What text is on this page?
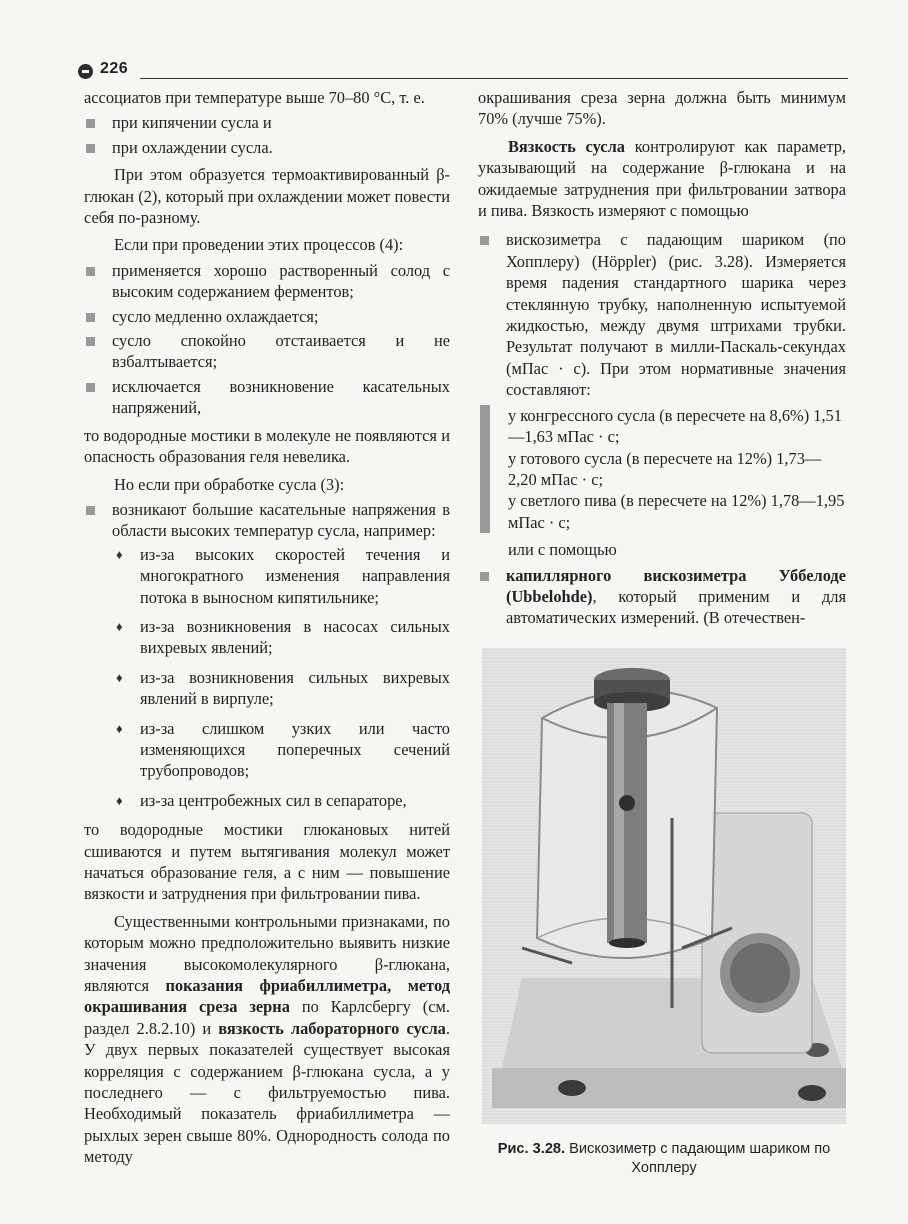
226

ассоциатов при температуре выше 70–80 °С, т. е.

при кипячении сусла и
при охлаждении сусла.

При этом образуется термоактивированный β-глюкан (2), который при охлаждении может повести себя по-разному.

Если при проведении этих процессов (4):

применяется хорошо растворенный солод с высоким содержанием ферментов;
сусло медленно охлаждается;
сусло спокойно отстаивается и не взбалтывается;
исключается возникновение касательных напряжений,

то водородные мостики в молекуле не появляются и опасность образования геля невелика.

Но если при обработке сусла (3):

возникают большие касательные напряжения в области высоких температур сусла, например:
♦ из-за высоких скоростей течения и многократного изменения направления потока в выносном кипятильнике;
♦ из-за возникновения в насосах сильных вихревых явлений;
♦ из-за возникновения сильных вихревых явлений в вирпуле;
♦ из-за слишком узких или часто изменяющихся поперечных сечений трубопроводов;
♦ из-за центробежных сил в сепараторе,

то водородные мостики глюкановых нитей сшиваются и путем вытягивания молекул может начаться образование геля, а с ним — повышение вязкости и затруднения при фильтровании пива.

Существенными контрольными признаками, по которым можно предположительно выявить низкие значения высокомолекулярного β-глюкана, являются показания фриабиллиметра, метод окрашивания среза зерна по Карлсбергу (см. раздел 2.8.2.10) и вязкость лабораторного сусла. У двух первых показателей существует высокая корреляция с содержанием β-глюкана сусла, а у последнего — с фильтруемостью пива. Необходимый показатель фриабиллиметра — рыхлых зерен свыше 80%. Однородность солода по методу

окрашивания среза зерна должна быть минимум 70% (лучше 75%).

Вязкость сусла контролируют как параметр, указывающий на содержание β-глюкана и на ожидаемые затруднения при фильтровании затвора и пива. Вязкость измеряют с помощью

вискозиметра с падающим шариком (по Хопплеру) (Höppler) (рис. 3.28). Измеряется время падения стандартного шарика через стеклянную трубку, наполненную испытуемой жидкостью, между двумя штрихами трубки. Результат получают в милли-Паскаль-секундах (мПас · с). При этом нормативные значения составляют:

у конгрессного сусла (в пересчете на 8,6%) 1,51—1,63 мПас · с;

у готового сусла (в пересчете на 12%) 1,73—2,20 мПас · с;

у светлого пива (в пересчете на 12%) 1,78—1,95 мПас · с;

или с помощью

капиллярного вискозиметра Уббелоде (Ubbelohde), который применим и для автоматических измерений. (В отечествен-
Рис. 3.28. Вискозиметр с падающим шариком по Хопплеру
